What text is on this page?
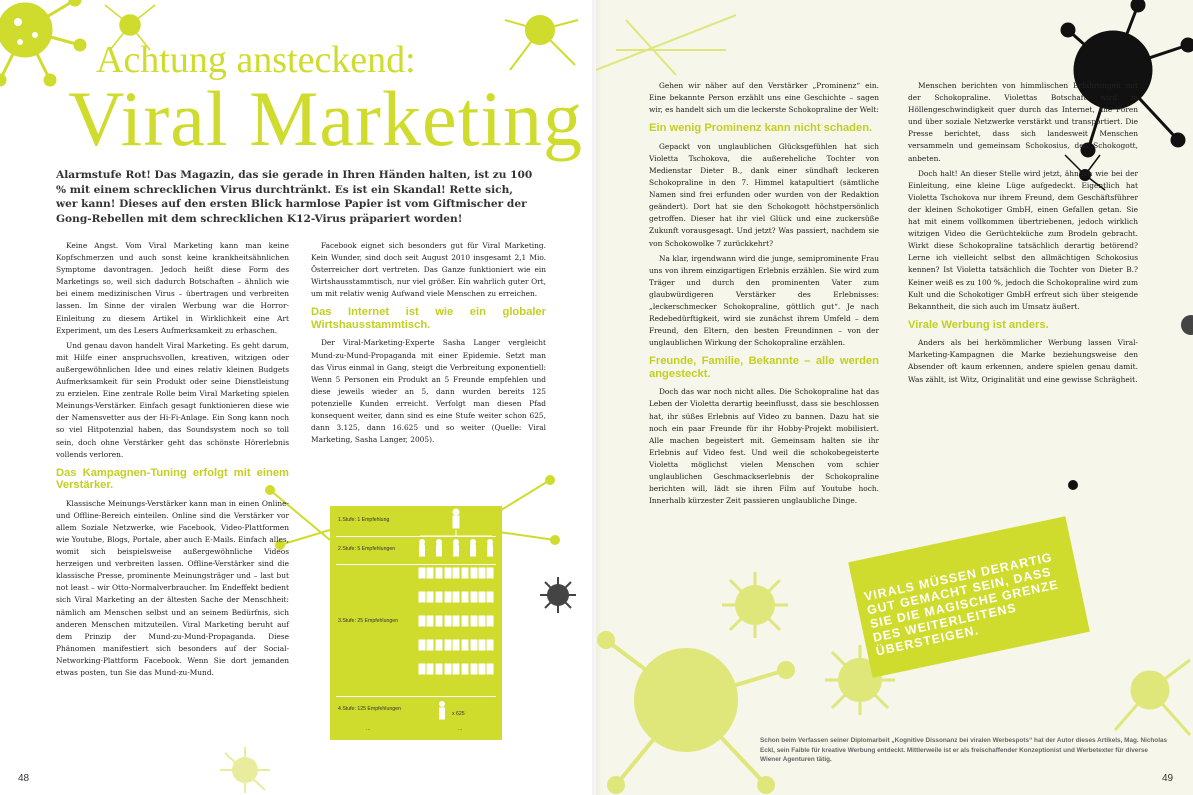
Achtung ansteckend:
Viral Marketing
Alarmstufe Rot! Das Magazin, das sie gerade in Ihren Händen halten, ist zu 100 % mit einem schrecklichen Virus durchtränkt. Es ist ein Skandal! Rette sich, wer kann! Dieses auf den ersten Blick harmlose Papier ist vom Giftmischer der Gong-Rebellen mit dem schrecklichen K12-Virus präpariert worden!

Keine Angst. Vom Viral Marketing kann man keine Kopfschmerzen und auch sonst keine krankheitsähnlichen Symptome davontragen. Jedoch heißt diese Form des Marketings so, weil sich dadurch Botschaften – ähnlich wie bei einem medizinischen Virus – übertragen und verbreiten lassen. Im Sinne der viralen Werbung war die Horror-Einleitung zu diesem Artikel in Wirklichkeit eine Art Experiment, um des Lesers Aufmerksamkeit zu erhaschen.

Und genau davon handelt Viral Marketing. Es geht darum, mit Hilfe einer anspruchsvollen, kreativen, witzigen oder außergewöhnlichen Idee und eines relativ kleinen Budgets Aufmerksamkeit für sein Produkt oder seine Dienstleistung zu erzielen. Eine zentrale Rolle beim Viral Marketing spielen Meinungs-Verstärker. Einfach gesagt funktionieren diese wie der Namensvetter aus der Hi-Fi-Anlage. Ein Song kann noch so viel Hitpotenzial haben, das Soundsystem noch so toll sein, doch ohne Verstärker geht das schönste Hörerlebnis vollends verloren.

Das Kampagnen-Tuning erfolgt mit einem Verstärker.

Klassische Meinungs-Verstärker kann man in einen Online- und Offline-Bereich einteilen. Online sind die Verstärker vor allem Soziale Netzwerke, wie Facebook, Video-Plattformen wie Youtube, Blogs, Portale, aber auch E-Mails. Einfach alles, womit sich beispielsweise außergewöhnliche Videos herzeigen und verbreiten lassen. Offline-Verstärker sind die klassische Presse, prominente Meinungsträger und – last but not least – wir Otto-Normalverbraucher. Im Endeffekt bedient sich Viral Marketing an der ältesten Sache der Menschheit: nämlich am Menschen selbst und an seinem Bedürfnis, sich anderen Menschen mitzuteilen. Viral Marketing beruht auf dem Prinzip der Mund-zu-Mund-Propaganda. Diese Phänomen manifestiert sich besonders auf der Social-Networking-Plattform Facebook. Wenn Sie dort jemanden etwas posten, tun Sie das Mund-zu-Mund.

Facebook eignet sich besonders gut für Viral Marketing. Kein Wunder, sind doch seit August 2010 insgesamt 2,1 Mio. Österreicher dort vertreten. Das Ganze funktioniert wie ein Wirtshausstammtisch, nur viel größer. Ein wahrlich guter Ort, um mit relativ wenig Aufwand viele Menschen zu erreichen.

Das Internet ist wie ein globaler Wirtshausstammtisch.

Der Viral-Marketing-Experte Sasha Langer vergleicht Mund-zu-Mund-Propaganda mit einer Epidemie. Setzt man das Virus einmal in Gang, steigt die Verbreitung exponentiell: Wenn 5 Personen ein Produkt an 5 Freunde empfehlen und diese jeweils wieder an 5, dann wurden bereits 125 potenzielle Kunden erreicht. Verfolgt man diesen Pfad konsequent weiter, dann sind es eine Stufe weiter schon 625, dann 3.125, dann 16.625 und so weiter (Quelle: Viral Marketing, Sasha Langer, 2005).

1.Stufe: 1 Empfehlung
2.Stufe: 5 Empfehlungen
3.Stufe: 25 Empfehlungen
4.Stufe: 125 Empfehlungen
x 625
...	...

Gehen wir näher auf den Verstärker „Prominenz“ ein. Eine bekannte Person erzählt uns eine Geschichte – sagen wir, es handelt sich um die leckerste Schokopraline der Welt:

Ein wenig Prominenz kann nicht schaden.

Gepackt von unglaublichen Glücksgefühlen hat sich Violetta Tschokova, die außereheliche Tochter von Medienstar Dieter B., dank einer sündhaft leckeren Schokopraline in den 7. Himmel katapultiert (sämtliche Namen sind frei erfunden oder wurden von der Redaktion geändert). Dort hat sie den Schokogott höchstpersönlich getroffen. Dieser hat ihr viel Glück und eine zuckersüße Zukunft vorausgesagt. Und jetzt? Was passiert, nachdem sie von Schokowolke 7 zurückkehrt?

Na klar, irgendwann wird die junge, semiprominente Frau uns von ihrem einzigartigen Erlebnis erzählen. Sie wird zum Träger und durch den prominenten Vater zum glaubwürdigeren Verstärker des Erlebnisses: „leckerschmecker Schokopraline, göttlich gut“. Je nach Redebedürftigkeit, wird sie zunächst ihrem Umfeld – dem Freund, den Eltern, den besten Freundinnen – von der unglaublichen Wirkung der Schokopraline erzählen.

Freunde, Familie, Bekannte – alle werden angesteckt.

Doch das war noch nicht alles. Die Schokopraline hat das Leben der Violetta derartig beeinflusst, dass sie beschlossen hat, ihr süßes Erlebnis auf Video zu bannen. Dazu hat sie noch ein paar Freunde für ihr Hobby-Projekt mobilisiert. Alle machen begeistert mit. Gemeinsam halten sie ihr Erlebnis auf Video fest. Und weil die schokobegeisterte Violetta möglichst vielen Menschen vom schier unglaublichen Geschmackserlebnis der Schokopraline berichten will, lädt sie ihren Film auf Youtube hoch. Innerhalb kürzester Zeit passieren unglaubliche Dinge.

Menschen berichten von himmlischen Erfahrungen mit der Schokopraline. Violettas Botschaft wird in Höllengeschwindigkeit quer durch das Internet, alle Foren und über soziale Netzwerke verstärkt und transportiert. Die Presse berichtet, dass sich landesweit Menschen versammeln und gemeinsam Schokosius, den Schokogott, anbeten.

Doch halt! An dieser Stelle wird jetzt, ähnlich wie bei der Einleitung, eine kleine Lüge aufgedeckt. Eigentlich hat Violetta Tschokova nur ihrem Freund, dem Geschäftsführer der kleinen Schokotiger GmbH, einen Gefallen getan. Sie hat mit einem vollkommen übertriebenen, jedoch wirklich witzigen Video die Gerüchteküche zum Brodeln gebracht. Wirkt diese Schokopraline tatsächlich derartig betörend? Lerne ich vielleicht selbst den allmächtigen Schokosius kennen? Ist Violetta tatsächlich die Tochter von Dieter B.? Keiner weiß es zu 100 %, jedoch die Schokopraline wird zum Kult und die Schokotiger GmbH erfreut sich über steigende Bekanntheit, die sich auch im Umsatz äußert.

Virale Werbung ist anders.

Anders als bei herkömmlicher Werbung lassen Viral-Marketing-Kampagnen die Marke beziehungsweise den Absender oft kaum erkennen, andere spielen genau damit. Was zählt, ist Witz, Originalität und eine gewisse Schrägheit.

VIRALS MÜSSEN DERARTIG GUT GEMACHT SEIN, DASS SIE DIE MAGISCHE GRENZE DES WEITERLEITENS ÜBERSTEIGEN.
Schon beim Verfassen seiner Diplomarbeit „Kognitive Dissonanz bei viralen Werbespots“ hat der Autor dieses Artikels, Mag. Nicholas Eckl, sein Faible für kreative Werbung entdeckt. Mittlerweile ist er als freischaffender Konzeptionist und Werbetexter für diverse Wiener Agenturen tätig.
48	49
